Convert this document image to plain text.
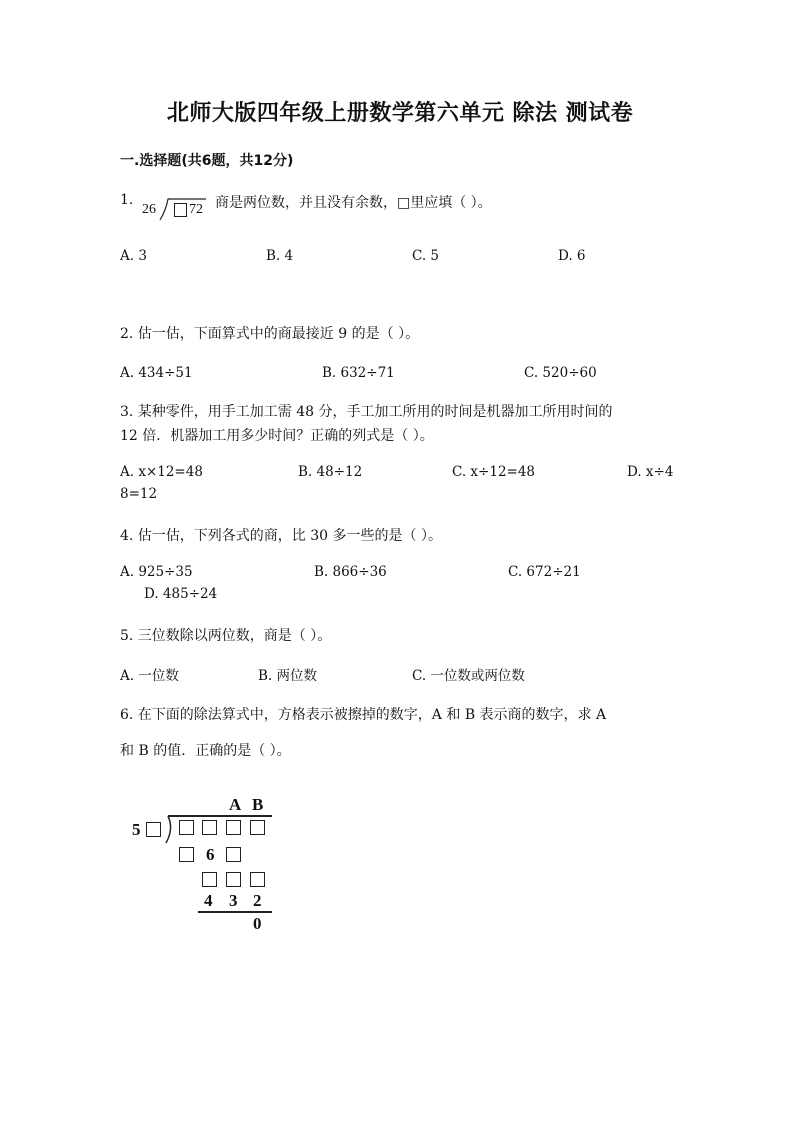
北师大版四年级上册数学第六单元 除法 测试卷
一.选择题(共6题，共12分)
1.
26 72 商是两位数，并且没有余数，□里应填（ ）。
A. 3	B. 4	C. 5	D. 6
2. 估一估，下面算式中的商最接近 9 的是（ ）。
A. 434÷51	B. 632÷71	C. 520÷60
3. 某种零件，用手工加工需 48 分，手工加工所用的时间是机器加工所用时间的
12 倍．机器加工用多少时间？正确的列式是（ ）。
A. x×12=48	B. 48÷12	C. x÷12=48	D. x÷4
8=12
4. 估一估，下列各式的商，比 30 多一些的是（ ）。
A. 925÷35	B. 866÷36	C. 672÷21
D. 485÷24
5. 三位数除以两位数，商是（ ）。
A. 一位数	B. 两位数	C. 一位数或两位数
6. 在下面的除法算式中，方格表示被擦掉的数字，A 和 B 表示商的数字，求 A
和 B 的值．正确的是（ ）。
A B
5
6
4 3 2
0
